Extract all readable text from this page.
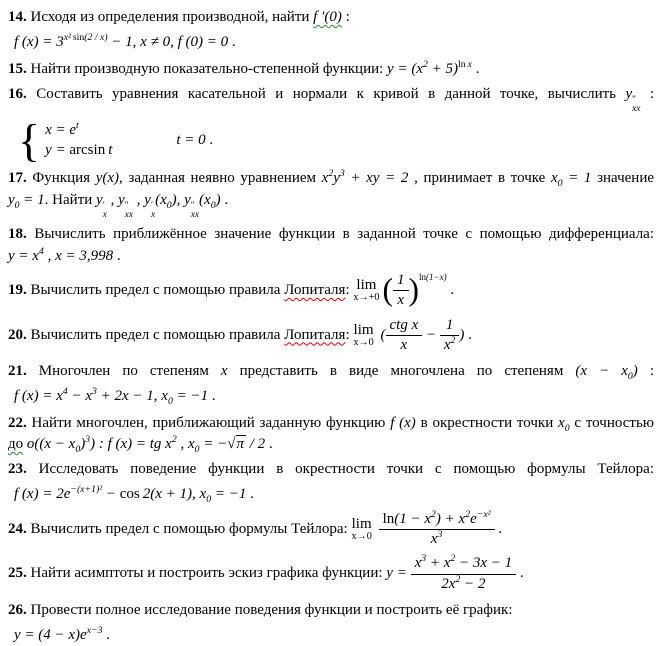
14. Исходя из определения производной, найти f ′(0) :

f $(x) = 3^{x^2 sin(2 / x)} - 1$, x ≠ 0, f (0) = 0 .

15. Найти производную показательно-степенной функции: $y = (x^2 + 5)^{ln x}$ .

16. Составить уравнения касательной и нормали к кривой в данной точке, вычислить y ″
xx
:

{ $x = e^t$
y = arcsin t
t = 0 .

17. Функция y(x), заданная неявно уравнением $x^2y^3$ + xy = 2 , принимает в точке $x_0 = 1$ значение $y_0 = 1$. Найти y ′
x
, y ″
xx
, y ′
x
$(x_0)$, y ″
xx
$(x_0)$ .

18. Вычислить приближённое значение функции в заданной точке с помощью дифференциала: $y = x^4$ , x = 3,998 .

19. Вычислить предел с помощью правила Лопиталя: lim
x→+0 ( $\frac{1}{x} )^{ln(1-x)}$ .

20. Вычислить предел с помощью правила Лопиталя: lim
x→0 ( $\frac{\text{ctg x}}{x} - \frac{1}{x^2}$ ) .

21. Многочлен по степеням x представить в виде многочлена по степеням $(x - x_0)$ :

f $(x) = x^4 - x^3 + 2x - 1$, $x_0 = -1$ .

22. Найти многочлен, приближающий заданную функцию f (x) в окрестности точки $x_0$ с точностью до $o((x - x_0)^3)$ : f (x) = tg $x^2$ , $x_0 = -√\pi / 2$ .

23. Исследовать поведение функции в окрестности точки с помощью формулы Тейлора:

f $(x) = 2e^{-(x+1)^2} - \cos 2(x + 1)$, $x_0 = -1$ .

24. Вычислить предел с помощью формулы Тейлора: lim
x→0
$\frac{\ln(1 - x^2) + x^2e^{-x^2}}{x^3}$ .

25. Найти асимптоты и построить эскиз графика функции: $y = \frac{x^3 + x^2 - 3x - 1}{2x^2 - 2}$ .

26. Провести полное исследование поведения функции и построить её график:

$y = (4 - x)e^{x-3}$ .
